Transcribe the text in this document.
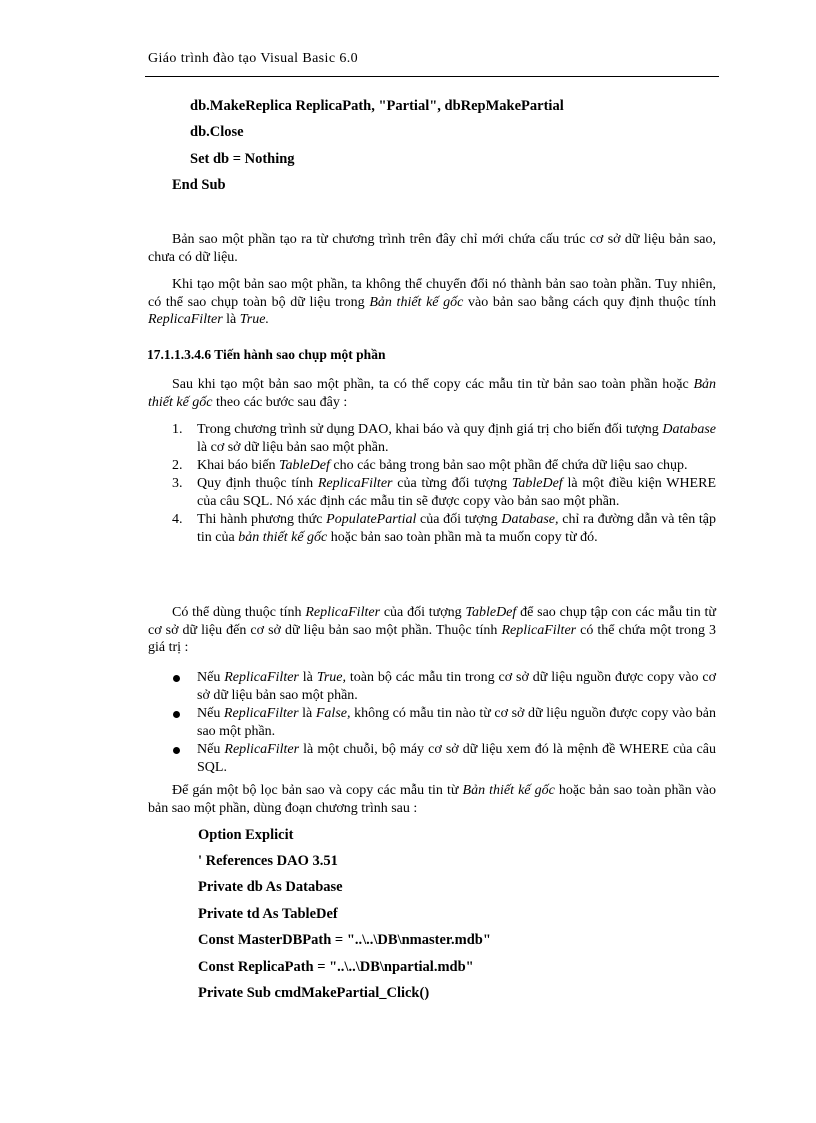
Giáo trình đào tạo Visual Basic 6.0
db.MakeReplica ReplicaPath, "Partial", dbRepMakePartial
db.Close
Set db = Nothing
End Sub
Bản sao một phần tạo ra từ chương trình trên đây chỉ mới chứa cấu trúc cơ sở dữ liệu bản sao, chưa có dữ liệu.
Khi tạo một bản sao một phần, ta không thể chuyển đổi nó thành bản sao toàn phần. Tuy nhiên, có thể sao chụp toàn bộ dữ liệu trong Bản thiết kế gốc vào bản sao bằng cách quy định thuộc tính ReplicaFilter là True.
17.1.1.3.4.6 Tiến hành sao chụp một phần
Sau khi tạo một bản sao một phần, ta có thể copy các mẫu tin từ bản sao toàn phần hoặc Bản thiết kế gốc theo các bước sau đây :
1. Trong chương trình sử dụng DAO, khai báo và quy định giá trị cho biến đối tượng Database là cơ sở dữ liệu bản sao một phần.
2. Khai báo biến TableDef cho các bảng trong bản sao một phần để chứa dữ liệu sao chụp.
3. Quy định thuộc tính ReplicaFilter của từng đối tượng TableDef là một điều kiện WHERE của câu SQL. Nó xác định các mẫu tin sẽ được copy vào bản sao một phần.
4. Thi hành phương thức PopulatePartial của đối tượng Database, chỉ ra đường dẫn và tên tập tin của bản thiết kế gốc hoặc bản sao toàn phần mà ta muốn copy từ đó.
Có thể dùng thuộc tính ReplicaFilter của đối tượng TableDef để sao chụp tập con các mẫu tin từ cơ sở dữ liệu đến cơ sở dữ liệu bản sao một phần. Thuộc tính ReplicaFilter có thể chứa một trong 3 giá trị :
Nếu ReplicaFilter là True, toàn bộ các mẫu tin trong cơ sở dữ liệu nguồn được copy vào cơ sở dữ liệu bản sao một phần.
Nếu ReplicaFilter là False, không có mẫu tin nào từ cơ sở dữ liệu nguồn được copy vào bản sao một phần.
Nếu ReplicaFilter là một chuỗi, bộ máy cơ sở dữ liệu xem đó là mệnh đề WHERE của câu SQL.
Để gán một bộ lọc bản sao và copy các mẫu tin từ Bản thiết kế gốc hoặc bản sao toàn phần vào bản sao một phần, dùng đoạn chương trình sau :
Option Explicit
' References DAO 3.51
Private db As Database
Private td As TableDef
Const MasterDBPath = "..\..\DB\nmaster.mdb"
Const ReplicaPath = "..\..\DB\npartial.mdb"
Private Sub cmdMakePartial_Click()
